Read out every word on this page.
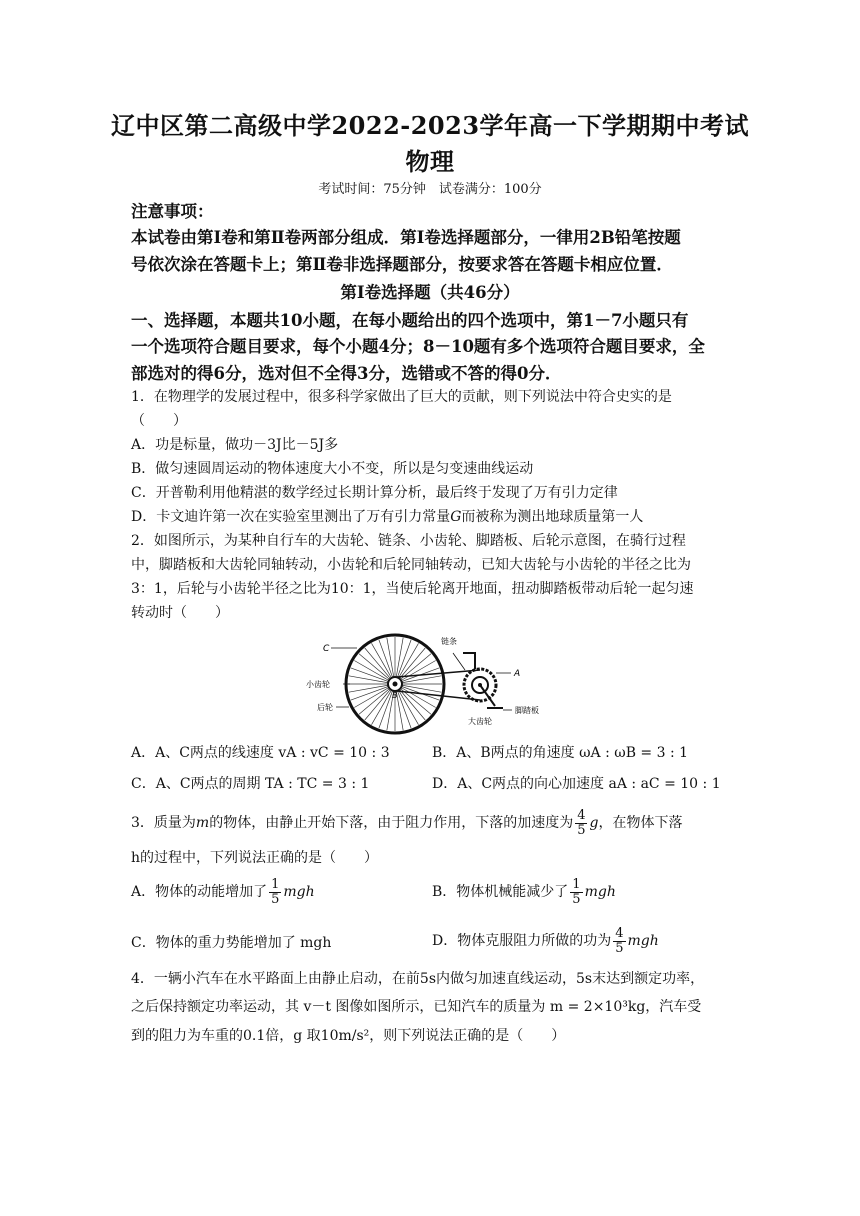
辽中区第二高级中学2022-2023学年高一下学期期中考试
物理
考试时间：75分钟　试卷满分：100分
注意事项：
本试卷由第Ⅰ卷和第Ⅱ卷两部分组成．第Ⅰ卷选择题部分，一律用2B铅笔按题
号依次涂在答题卡上；第Ⅱ卷非选择题部分，按要求答在答题卡相应位置．
第Ⅰ卷选择题（共46分）
一、选择题，本题共10小题，在每小题给出的四个选项中，第1－7小题只有
一个选项符合题目要求，每个小题4分；8－10题有多个选项符合题目要求，全
部选对的得6分，选对但不全得3分，选错或不答的得0分．
1．在物理学的发展过程中，很多科学家做出了巨大的贡献，则下列说法中符合史实的是
（　　）
A．功是标量，做功－3J比－5J多
B．做匀速圆周运动的物体速度大小不变，所以是匀变速曲线运动
C．开普勒利用他精湛的数学经过长期计算分析，最后终于发现了万有引力定律
D．卡文迪许第一次在实验室里测出了万有引力常量G而被称为测出地球质量第一人
2．如图所示，为某种自行车的大齿轮、链条、小齿轮、脚踏板、后轮示意图，在骑行过程
中，脚踏板和大齿轮同轴转动，小齿轮和后轮同轴转动，已知大齿轮与小齿轮的半径之比为
3：1，后轮与小齿轮半径之比为10：1，当使后轮离开地面，扭动脚踏板带动后轮一起匀速
转动时（　　）
C
小齿轮
后轮
B
链条
A
大齿轮
脚踏板
A．A、C两点的线速度 vA : vC = 10 : 3	B．A、B两点的角速度 ωA : ωB = 3 : 1
C．A、C两点的周期 TA : TC = 3 : 1	D．A、C两点的向心加速度 aA : aC = 10 : 1
3．质量为m的物体，由静止开始下落，由于阻力作用，下落的加速度为 $\frac{4}{5}$ g，在物体下落
h的过程中，下列说法正确的是（　　）
A．物体的动能增加了 $\frac{1}{5}$ mgh	B．物体机械能减少了 $\frac{1}{5}$ mgh
C．物体的重力势能增加了 mgh	D．物体克服阻力所做的功为 $\frac{4}{5}$ mgh
4．一辆小汽车在水平路面上由静止启动，在前5s内做匀加速直线运动，5s末达到额定功率，
之后保持额定功率运动，其 v－t 图像如图所示，已知汽车的质量为 m = 2×10³kg，汽车受
到的阻力为车重的0.1倍，g 取10m/s²，则下列说法正确的是（　　）
